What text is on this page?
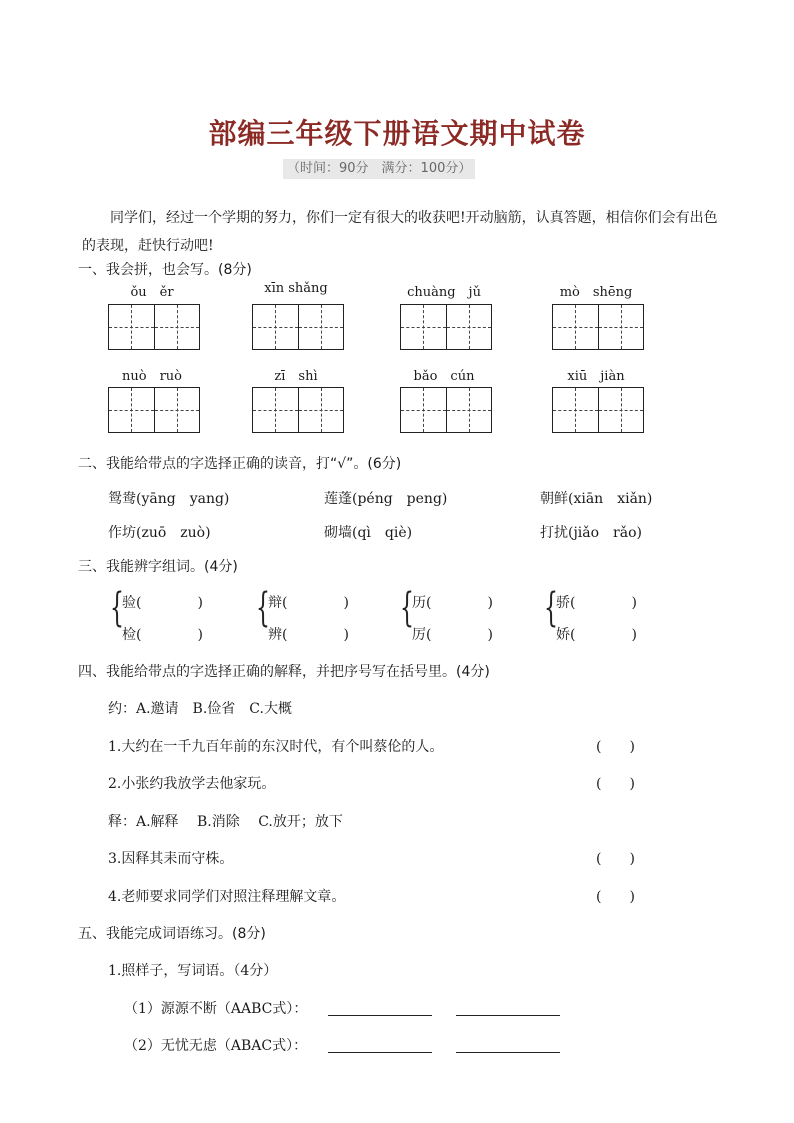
部编三年级下册语文期中试卷
（时间：90分　满分：100分）
同学们，经过一个学期的努力，你们一定有很大的收获吧!开动脑筋，认真答题，相信你们会有出色的表现，赶快行动吧!
一、我会拼，也会写。(8分)
ǒu　ěr	xīn shǎng	chuàng　jǔ	mò　shēng
nuò　ruò	zī　shì	bǎo　cún	xiū　jiàn
二、我能给带点的字选择正确的读音，打“√”。(6分)
鸳鸯(yāng　yang)	莲蓬(péng　peng)	朝鲜(xiān　xiǎn)
作坊(zuō　zuò)	砌墙(qì　qiè)	打扰(jiǎo　rǎo)
三、我能辨字组词。(4分)
{
验(　　　　)
检(　　　　)
{
辩(　　　　)
辨(　　　　)
{
历(　　　　)
厉(　　　　)
{
骄(　　　　)
娇(　　　　)
四、我能给带点的字选择正确的解释，并把序号写在括号里。(4分)
约：A.邀请　B.俭省　C.大概
1.大约在一千九百年前的东汉时代，有个叫蔡伦的人。	(　　)
2.小张约我放学去他家玩。	(　　)
释：A.解释　 B.消除　 C.放开；放下
3.因释其耒而守株。	(　　)
4.老师要求同学们对照注释理解文章。	(　　)
五、我能完成词语练习。(8分)
1.照样子，写词语。（4分）
（1）源源不断（AABC式）：
（2）无忧无虑（ABAC式）：
